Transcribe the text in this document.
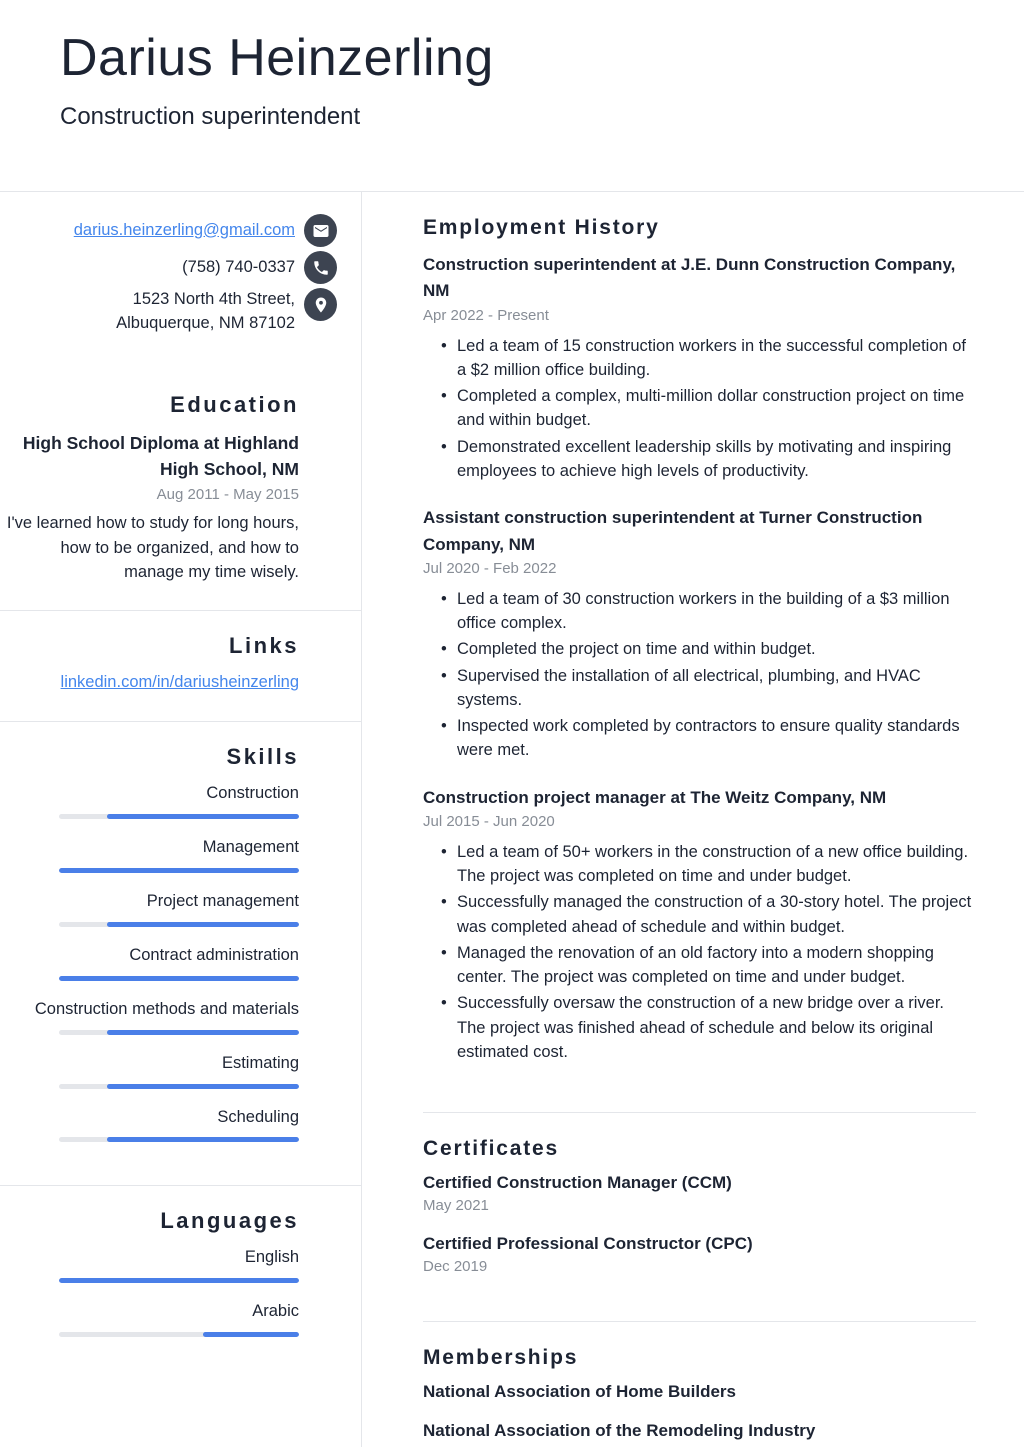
Darius Heinzerling
Construction superintendent
darius.heinzerling@gmail.com
(758) 740-0337
1523 North 4th Street,
Albuquerque, NM 87102
Education
High School Diploma at Highland High School, NM
Aug 2011 - May 2015
I've learned how to study for long hours, how to be organized, and how to manage my time wisely.
Links
linkedin.com/in/dariusheinzerling
Skills
Construction
Management
Project management
Contract administration
Construction methods and materials
Estimating
Scheduling
Languages
English
Arabic
Employment History
Construction superintendent at J.E. Dunn Construction Company, NM
Apr 2022 - Present
• Led a team of 15 construction workers in the successful completion of a $2 million office building.
• Completed a complex, multi-million dollar construction project on time and within budget.
• Demonstrated excellent leadership skills by motivating and inspiring employees to achieve high levels of productivity.
Assistant construction superintendent at Turner Construction Company, NM
Jul 2020 - Feb 2022
• Led a team of 30 construction workers in the building of a $3 million office complex.
• Completed the project on time and within budget.
• Supervised the installation of all electrical, plumbing, and HVAC systems.
• Inspected work completed by contractors to ensure quality standards were met.
Construction project manager at The Weitz Company, NM
Jul 2015 - Jun 2020
• Led a team of 50+ workers in the construction of a new office building. The project was completed on time and under budget.
• Successfully managed the construction of a 30-story hotel. The project was completed ahead of schedule and within budget.
• Managed the renovation of an old factory into a modern shopping center. The project was completed on time and under budget.
• Successfully oversaw the construction of a new bridge over a river. The project was finished ahead of schedule and below its original estimated cost.
Certificates
Certified Construction Manager (CCM)
May 2021
Certified Professional Constructor (CPC)
Dec 2019
Memberships
National Association of Home Builders
National Association of the Remodeling Industry
